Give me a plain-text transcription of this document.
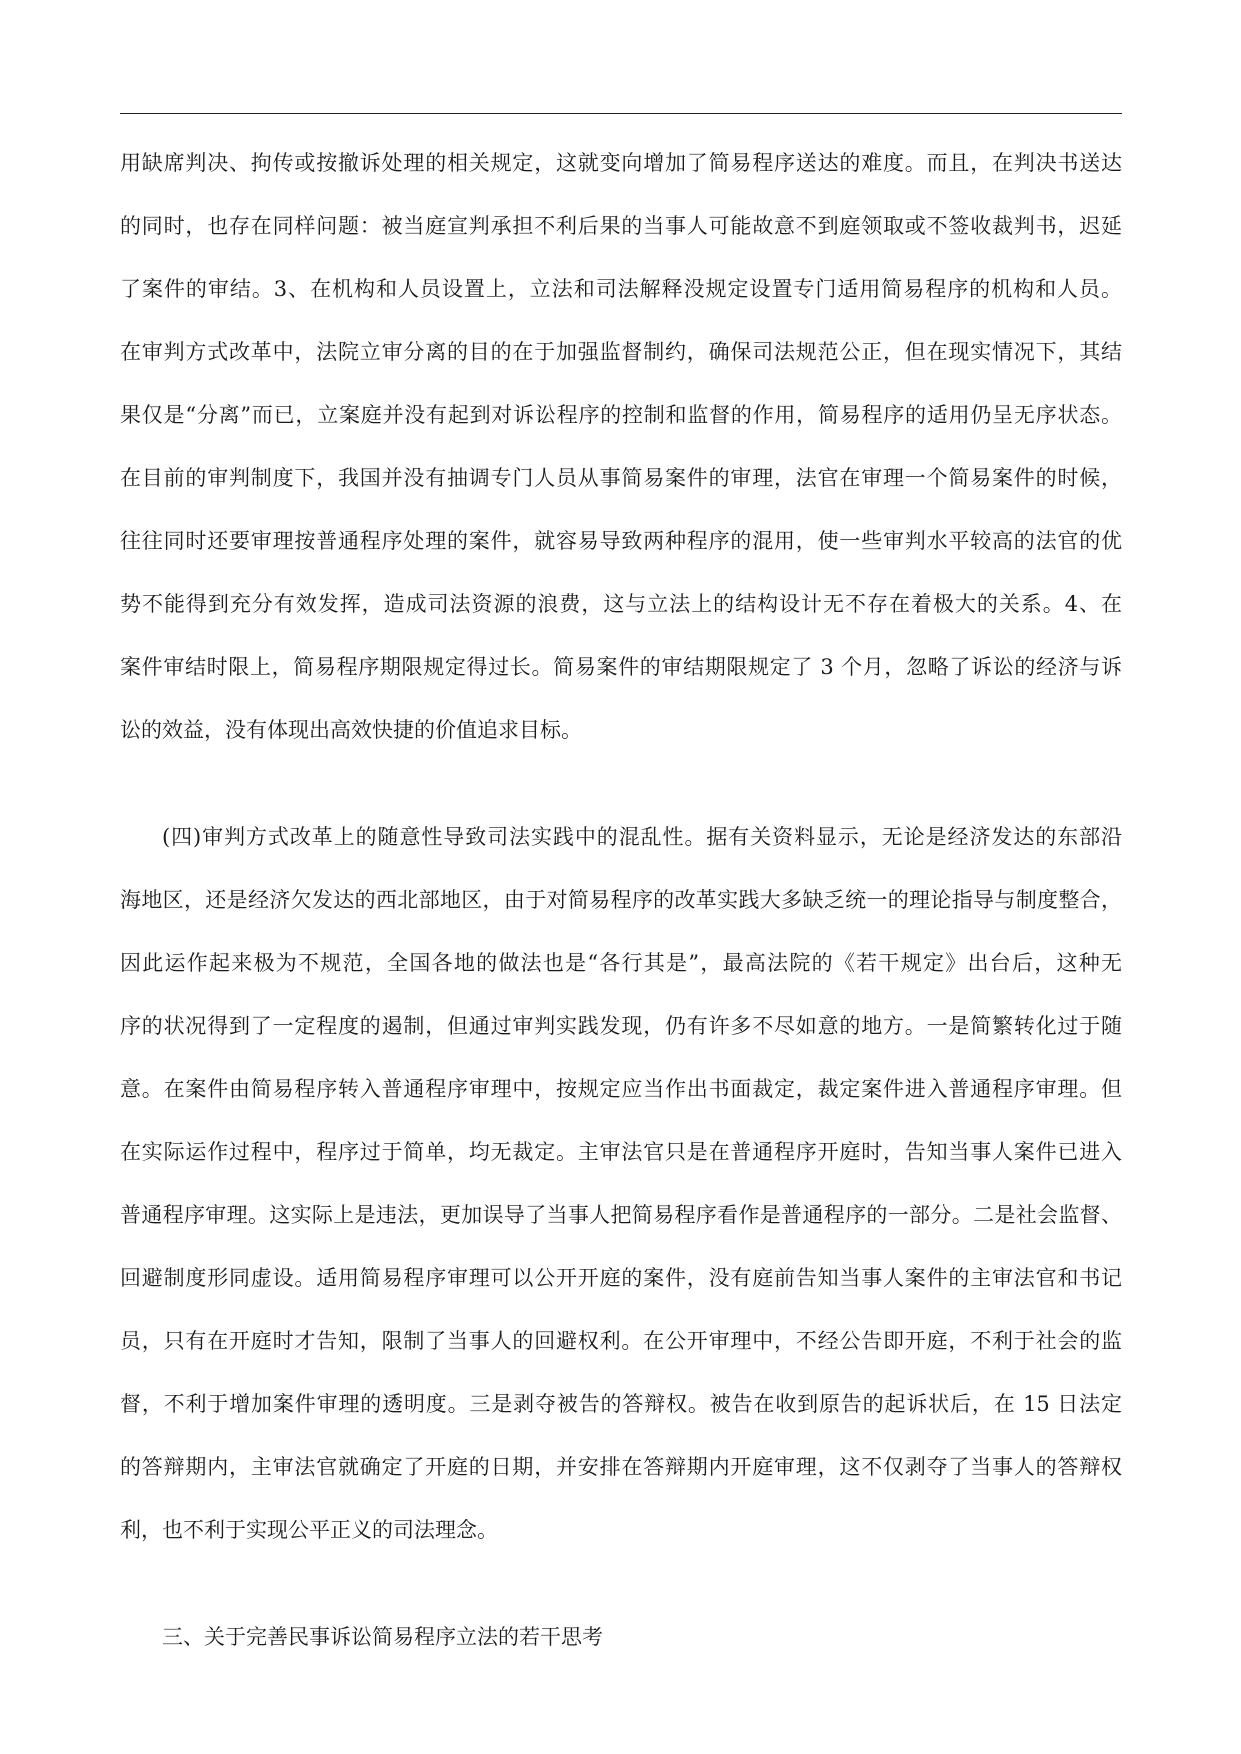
用缺席判决、拘传或按撤诉处理的相关规定，这就变向增加了简易程序送达的难度。而且，在判决书送达
的同时，也存在同样问题：被当庭宣判承担不利后果的当事人可能故意不到庭领取或不签收裁判书，迟延
了案件的审结。3、在机构和人员设置上，立法和司法解释没规定设置专门适用简易程序的机构和人员。
在审判方式改革中，法院立审分离的目的在于加强监督制约，确保司法规范公正，但在现实情况下，其结
果仅是“分离”而已，立案庭并没有起到对诉讼程序的控制和监督的作用，简易程序的适用仍呈无序状态。
在目前的审判制度下，我国并没有抽调专门人员从事简易案件的审理，法官在审理一个简易案件的时候，
往往同时还要审理按普通程序处理的案件，就容易导致两种程序的混用，使一些审判水平较高的法官的优
势不能得到充分有效发挥，造成司法资源的浪费，这与立法上的结构设计无不存在着极大的关系。4、在
案件审结时限上，简易程序期限规定得过长。简易案件的审结期限规定了 3 个月，忽略了诉讼的经济与诉
讼的效益，没有体现出高效快捷的价值追求目标。
(四)审判方式改革上的随意性导致司法实践中的混乱性。据有关资料显示，无论是经济发达的东部沿
海地区，还是经济欠发达的西北部地区，由于对简易程序的改革实践大多缺乏统一的理论指导与制度整合，
因此运作起来极为不规范，全国各地的做法也是“各行其是”，最高法院的《若干规定》出台后，这种无
序的状况得到了一定程度的遏制，但通过审判实践发现，仍有许多不尽如意的地方。一是简繁转化过于随
意。在案件由简易程序转入普通程序审理中，按规定应当作出书面裁定，裁定案件进入普通程序审理。但
在实际运作过程中，程序过于简单，均无裁定。主审法官只是在普通程序开庭时，告知当事人案件已进入
普通程序审理。这实际上是违法，更加误导了当事人把简易程序看作是普通程序的一部分。二是社会监督、
回避制度形同虚设。适用简易程序审理可以公开开庭的案件，没有庭前告知当事人案件的主审法官和书记
员，只有在开庭时才告知，限制了当事人的回避权利。在公开审理中，不经公告即开庭，不利于社会的监
督，不利于增加案件审理的透明度。三是剥夺被告的答辩权。被告在收到原告的起诉状后，在 15 日法定
的答辩期内，主审法官就确定了开庭的日期，并安排在答辩期内开庭审理，这不仅剥夺了当事人的答辩权
利，也不利于实现公平正义的司法理念。
三、关于完善民事诉讼简易程序立法的若干思考
